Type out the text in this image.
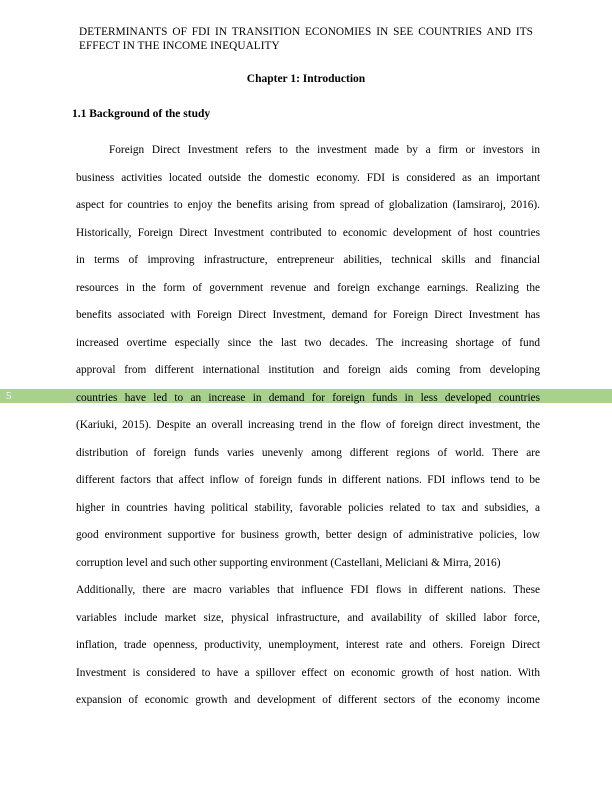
DETERMINANTS OF FDI IN TRANSITION ECONOMIES IN SEE COUNTRIES AND ITS EFFECT IN THE INCOME INEQUALITY
Chapter 1: Introduction
1.1 Background of the study
5
Foreign Direct Investment refers to the investment made by a firm or investors in
business activities located outside the domestic economy. FDI is considered as an important
aspect for countries to enjoy the benefits arising from spread of globalization (Iamsiraroj, 2016).
Historically, Foreign Direct Investment contributed to economic development of host countries
in terms of improving infrastructure, entrepreneur abilities, technical skills and financial
resources in the form of government revenue and foreign exchange earnings. Realizing the
benefits associated with Foreign Direct Investment, demand for Foreign Direct Investment has
increased overtime especially since the last two decades. The increasing shortage of fund
approval from different international institution and foreign aids coming from developing
countries have led to an increase in demand for foreign funds in less developed countries
(Kariuki, 2015). Despite an overall increasing trend in the flow of foreign direct investment, the
distribution of foreign funds varies unevenly among different regions of world. There are
different factors that affect inflow of foreign funds in different nations. FDI inflows tend to be
higher in countries having political stability, favorable policies related to tax and subsidies, a
good environment supportive for business growth, better design of administrative policies, low
corruption level and such other supporting environment (Castellani, Meliciani & Mirra, 2016)
Additionally, there are macro variables that influence FDI flows in different nations. These
variables include market size, physical infrastructure, and availability of skilled labor force,
inflation, trade openness, productivity, unemployment, interest rate and others. Foreign Direct
Investment is considered to have a spillover effect on economic growth of host nation. With
expansion of economic growth and development of different sectors of the economy income
